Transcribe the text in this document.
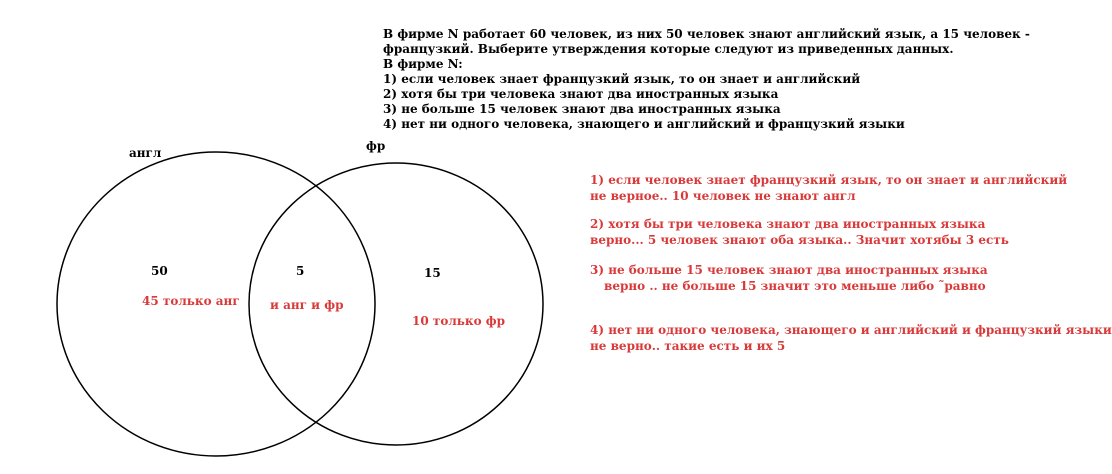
В фирме N работает 60 человек, из них 50 человек знают английский язык, а 15 человек -
французкий. Выберите утверждения которые следуют из приведенных данных.
В фирме N:
1) если человек знает французкий язык, то он знает и английский
2) хотя бы три человека знают два иностранных языка
3) не больше 15 человек знают два иностранных языка
4) нет ни одного человека, знающего и английский и французкий языки
англ	фр
50	5	15
45 только анг	и анг и фр
10 только фр
1) если человек знает французкий язык, то он знает и английский
не верное.. 10 человек не знают англ
2) хотя бы три человека знают два иностранных языка
верно... 5 человек знают оба языка.. Значит хотябы 3 есть
3) не больше 15 человек знают два иностранных языка
верно .. не больше 15 значит это меньше либо ˜равно
4) нет ни одного человека, знающего и английский и французкий языки
не верно.. такие есть и их 5
